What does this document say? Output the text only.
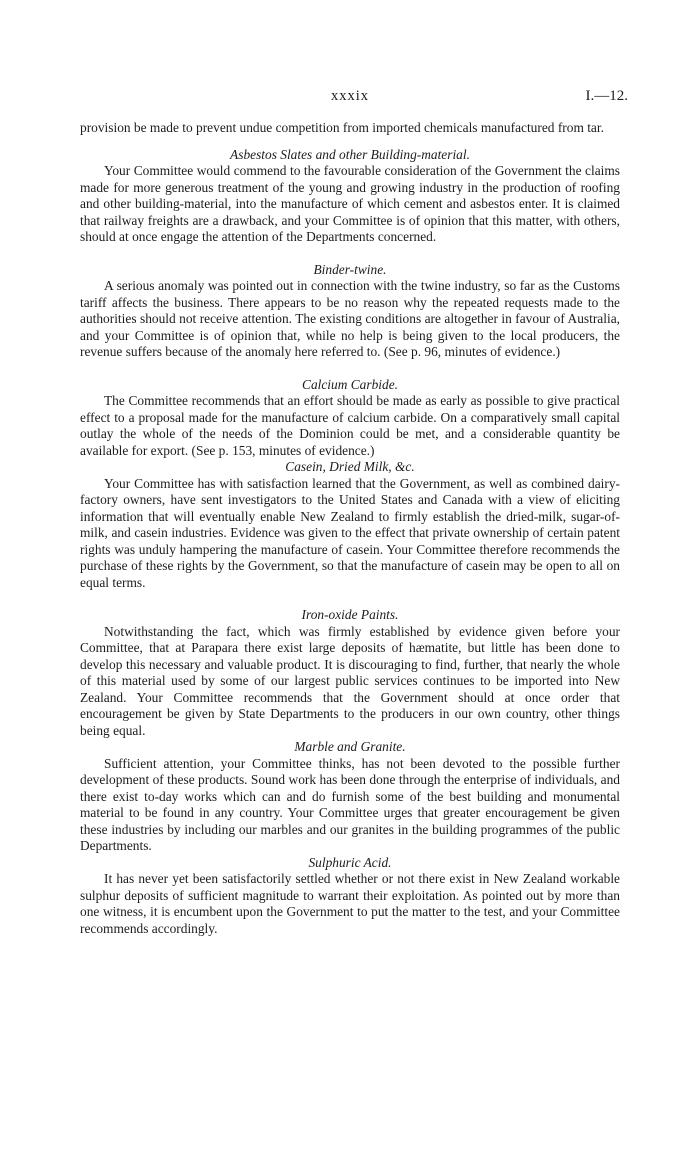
xxxix	I.—12.

provision be made to prevent undue competition from imported chemicals manufactured from tar.

Asbestos Slates and other Building-material.

Your Committee would commend to the favourable consideration of the Government the claims made for more generous treatment of the young and growing industry in the production of roofing and other building-material, into the manufacture of which cement and asbestos enter. It is claimed that railway freights are a drawback, and your Committee is of opinion that this matter, with others, should at once engage the attention of the Departments concerned.

Binder-twine.

A serious anomaly was pointed out in connection with the twine industry, so far as the Customs tariff affects the business. There appears to be no reason why the repeated requests made to the authorities should not receive attention. The existing conditions are altogether in favour of Australia, and your Committee is of opinion that, while no help is being given to the local producers, the revenue suffers because of the anomaly here referred to. (See p. 96, minutes of evidence.)

Calcium Carbide.

The Committee recommends that an effort should be made as early as possible to give practical effect to a proposal made for the manufacture of calcium carbide. On a comparatively small capital outlay the whole of the needs of the Dominion could be met, and a considerable quantity be available for export. (See p. 153, minutes of evidence.)

Casein, Dried Milk, &c.

Your Committee has with satisfaction learned that the Government, as well as combined dairy-factory owners, have sent investigators to the United States and Canada with a view of eliciting information that will eventually enable New Zealand to firmly establish the dried-milk, sugar-of-milk, and casein industries. Evidence was given to the effect that private ownership of certain patent rights was unduly hampering the manufacture of casein. Your Committee therefore recommends the purchase of these rights by the Government, so that the manufacture of casein may be open to all on equal terms.

Iron-oxide Paints.

Notwithstanding the fact, which was firmly established by evidence given before your Committee, that at Parapara there exist large deposits of hæmatite, but little has been done to develop this necessary and valuable product. It is discouraging to find, further, that nearly the whole of this material used by some of our largest public services continues to be imported into New Zealand. Your Committee recommends that the Government should at once order that encouragement be given by State Departments to the producers in our own country, other things being equal.

Marble and Granite.

Sufficient attention, your Committee thinks, has not been devoted to the possible further development of these products. Sound work has been done through the enterprise of individuals, and there exist to-day works which can and do furnish some of the best building and monumental material to be found in any country. Your Committee urges that greater encouragement be given these industries by including our marbles and our granites in the building programmes of the public Departments.

Sulphuric Acid.

It has never yet been satisfactorily settled whether or not there exist in New Zealand workable sulphur deposits of sufficient magnitude to warrant their exploitation. As pointed out by more than one witness, it is encumbent upon the Government to put the matter to the test, and your Committee recommends accordingly.
